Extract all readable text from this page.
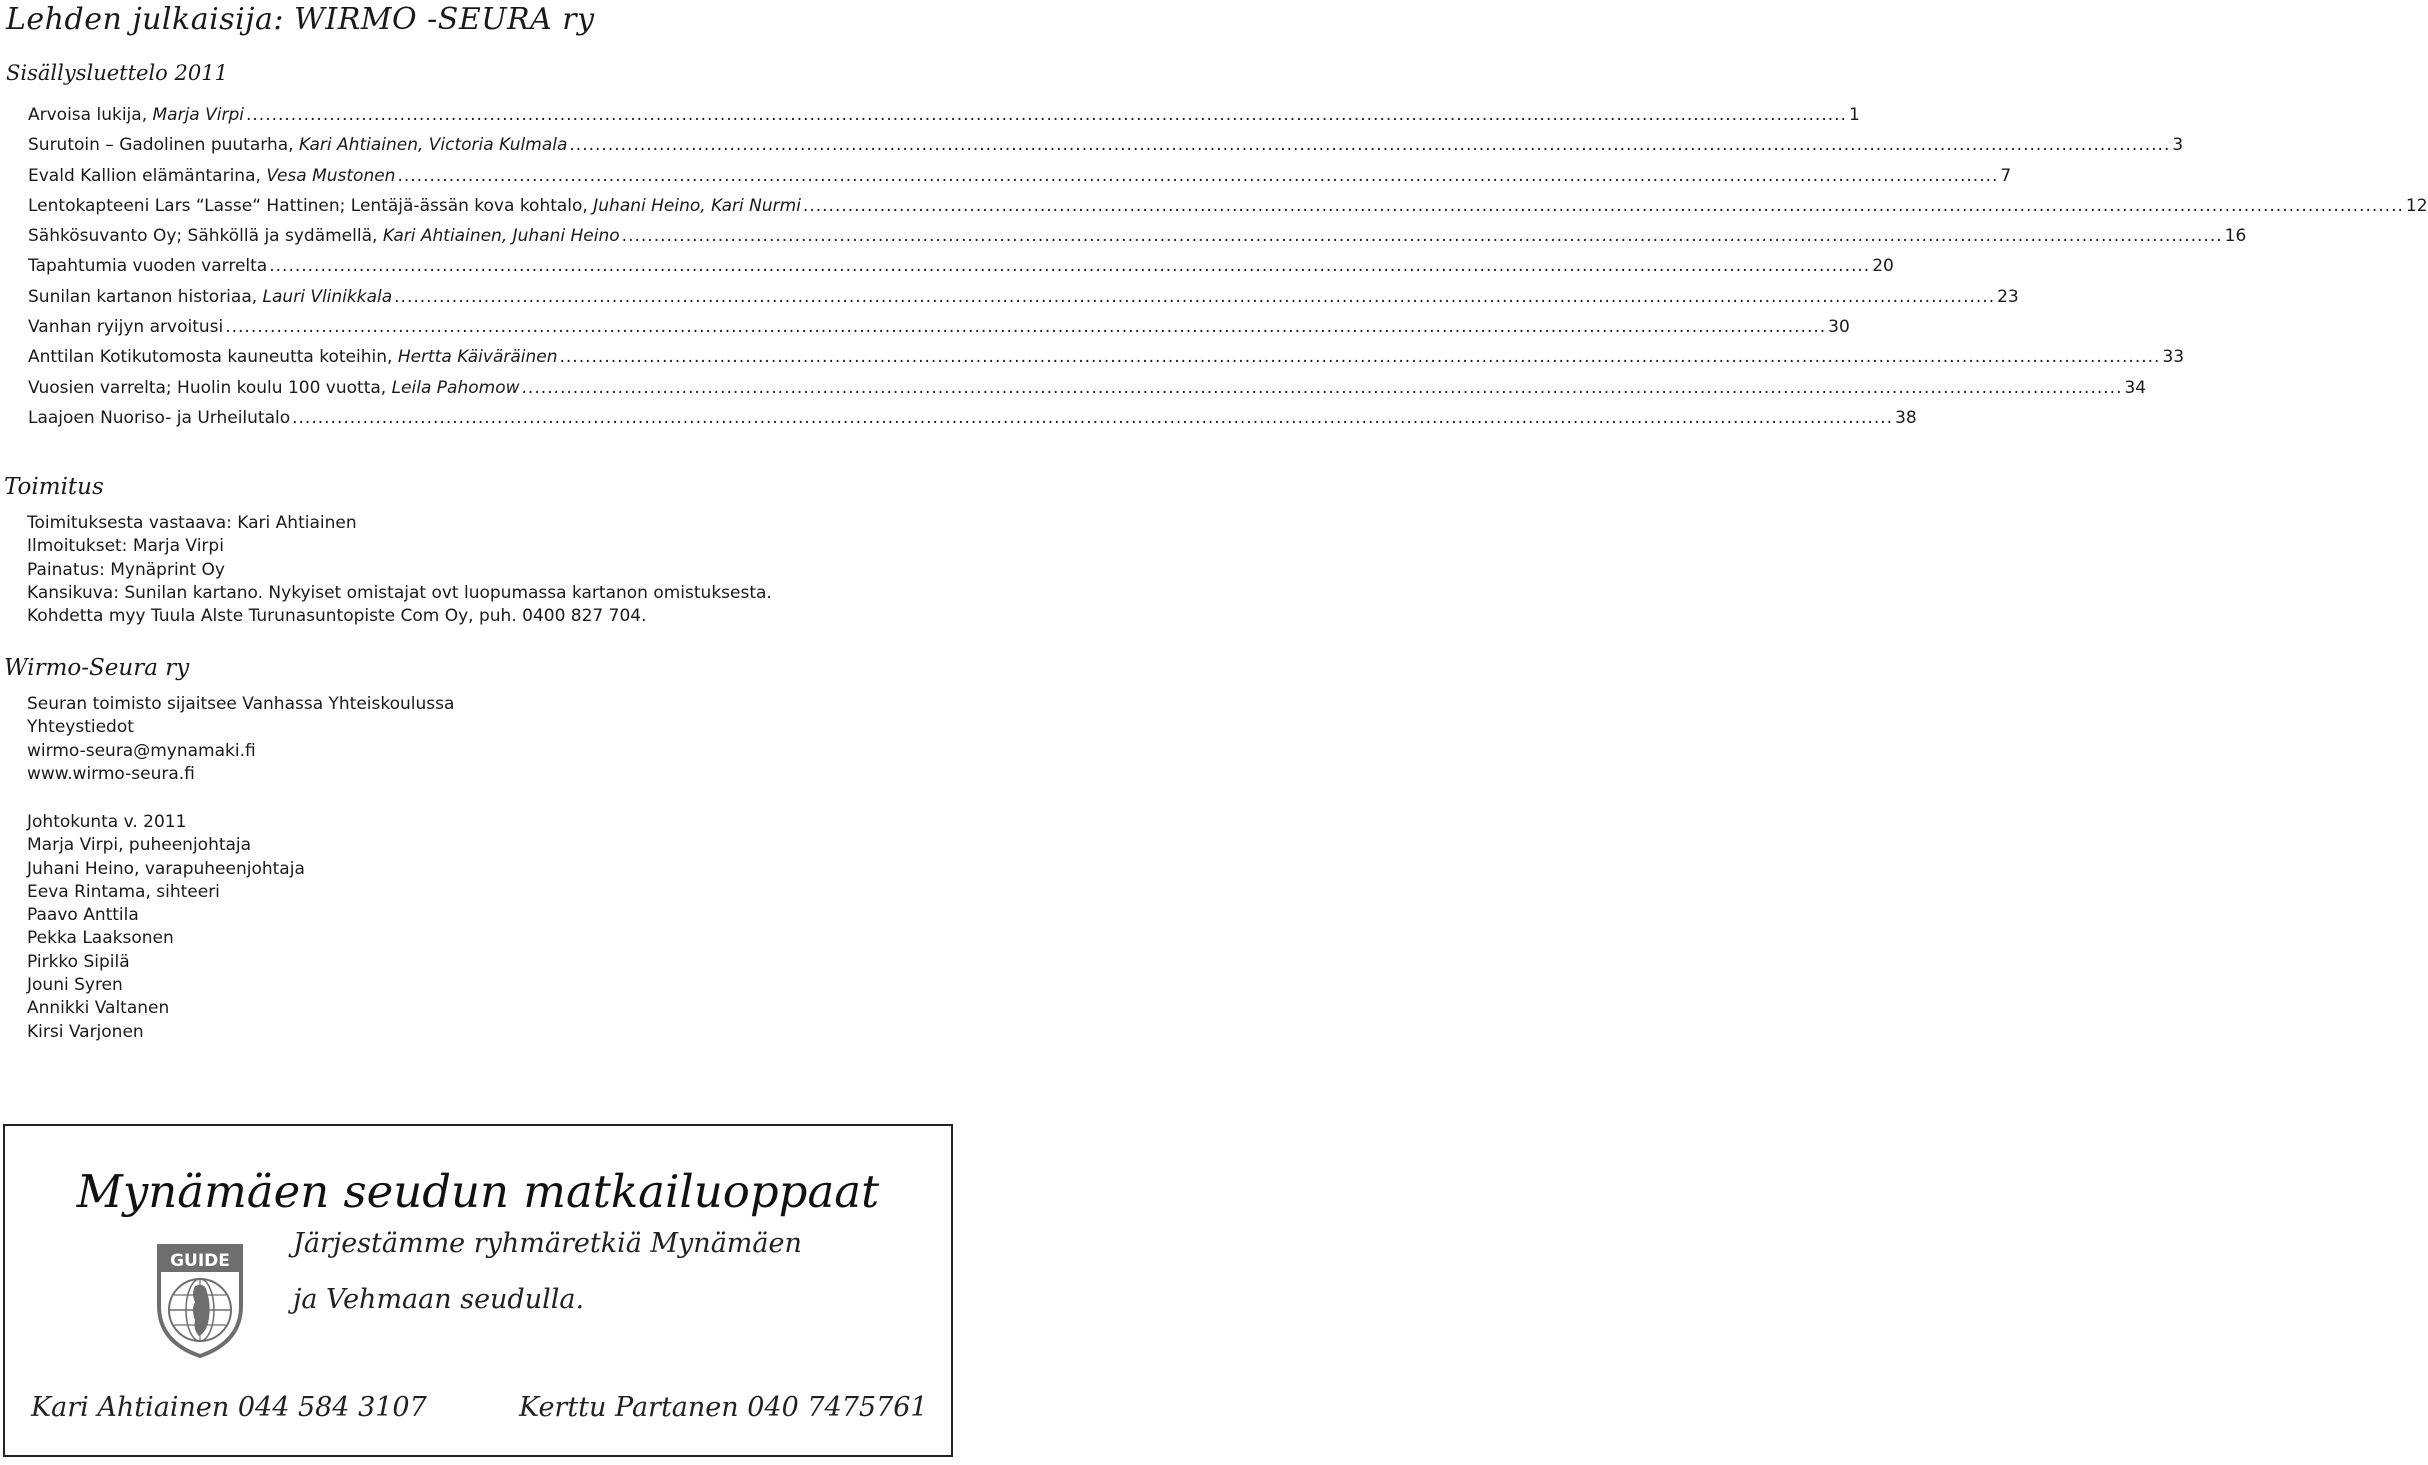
Lehden julkaisija: WIRMO -SEURA ry
Sisällysluettelo 2011
Arvoisa lukija, Marja Virpi .....	1
Surutoin – Gadolinen puutarha, Kari Ahtiainen, Victoria Kulmala .....	3
Evald Kallion elämäntarina, Vesa Mustonen .....	7
Lentokapteeni Lars “Lasse“ Hattinen; Lentäjä-ässän kova kohtalo, Juhani Heino, Kari Nurmi .....	12
Sähkösuvanto Oy; Sähköllä ja sydämellä, Kari Ahtiainen, Juhani Heino .....	16
Tapahtumia vuoden varrelta .....	20
Sunilan kartanon historiaa, Lauri Vlinikkala .....	23
Vanhan ryijyn arvoitusi .....	30
Anttilan Kotikutomosta kauneutta koteihin, Hertta Käiväräinen .....	33
Vuosien varrelta; Huolin koulu 100 vuotta, Leila Pahomow .....	34
Laajoen Nuoriso- ja Urheilutalo .....	38
Toimitus
Toimituksesta vastaava: Kari Ahtiainen
Ilmoitukset: Marja Virpi
Painatus: Mynäprint Oy
Kansikuva: Sunilan kartano. Nykyiset omistajat ovt luopumassa kartanon omistuksesta.
Kohdetta myy Tuula Alste Turunasuntopiste Com Oy, puh. 0400 827 704.
Wirmo-Seura ry
Seuran toimisto sijaitsee Vanhassa Yhteiskoulussa
Yhteystiedot
wirmo-seura@mynamaki.fi
www.wirmo-seura.fi
Johtokunta v. 2011
Marja Virpi, puheenjohtaja
Juhani Heino, varapuheenjohtaja
Eeva Rintama, sihteeri
Paavo Anttila
Pekka Laaksonen
Pirkko Sipilä
Jouni Syren
Annikki Valtanen
Kirsi Varjonen
Mynämäen seudun matkailuoppaat
GUIDE

Järjestämme ryhmäretkiä Mynämäen

ja Vehmaan seudulla.

Kari Ahtiainen 044 584 3107	Kerttu Partanen 040 7475761
